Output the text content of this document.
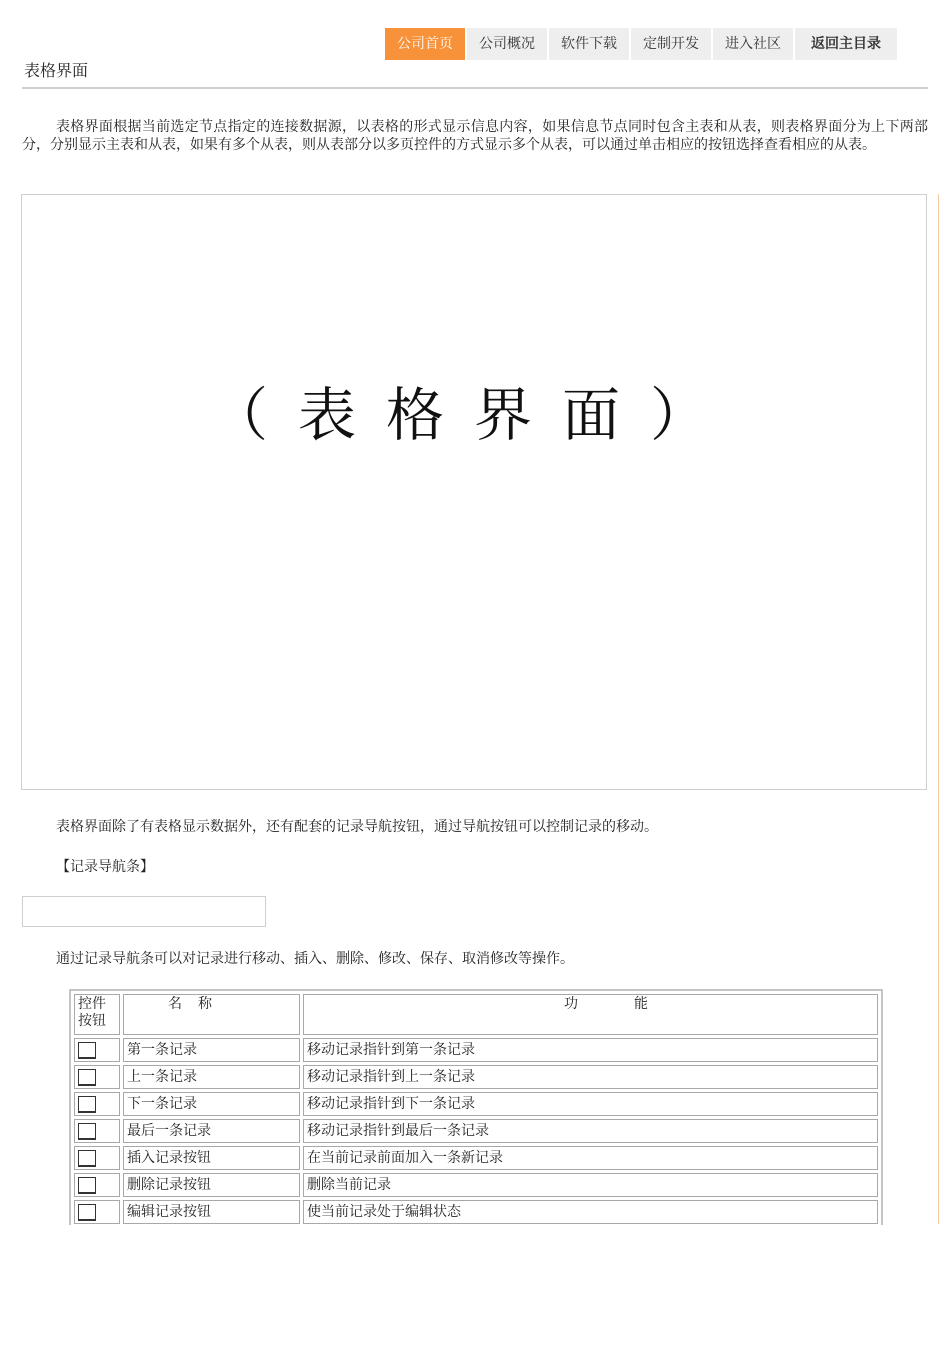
公司首页	公司概况	软件下载	定制开发	进入社区	返回主目录
表格界面

表格界面根据当前选定节点指定的连接数据源，以表格的形式显示信息内容，如果信息节点同时包含主表和从表，则表格界面分为上下两部分，分别显示主表和从表，如果有多个从表，则从表部分以多页控件的方式显示多个从表，可以通过单击相应的按钮选择查看相应的从表。

（表格界面）

表格界面除了有表格显示数据外，还有配套的记录导航按钮，通过导航按钮可以控制记录的移动。

【记录导航条】

通过记录导航条可以对记录进行移动、插入、删除、修改、保存、取消修改等操作。

控件按钮	名称	功能
	第一条记录	移动记录指针到第一条记录
	上一条记录	移动记录指针到上一条记录
	下一条记录	移动记录指针到下一条记录
	最后一条记录	移动记录指针到最后一条记录
	插入记录按钮	在当前记录前面加入一条新记录
	删除记录按钮	删除当前记录
	编辑记录按钮	使当前记录处于编辑状态
